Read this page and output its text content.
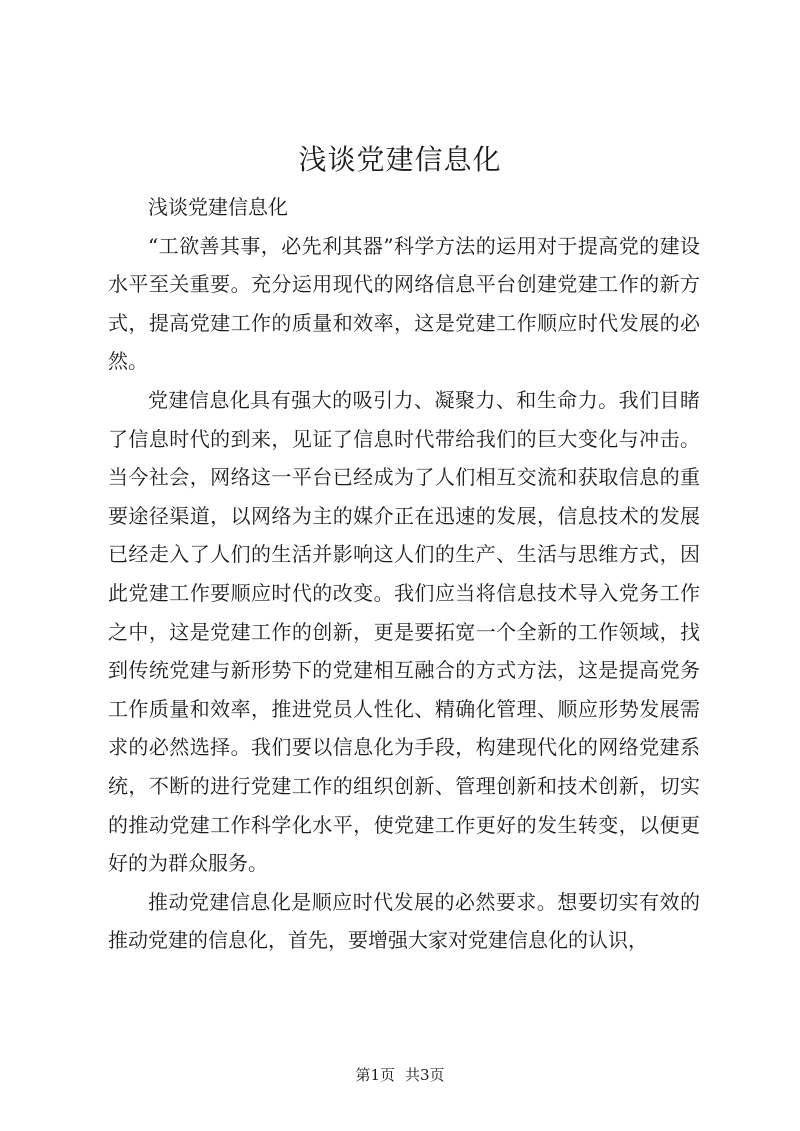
浅谈党建信息化

浅谈党建信息化

“工欲善其事，必先利其器”科学方法的运用对于提高党的建设水平至关重要。充分运用现代的网络信息平台创建党建工作的新方式，提高党建工作的质量和效率，这是党建工作顺应时代发展的必然。

党建信息化具有强大的吸引力、凝聚力、和生命力。我们目睹了信息时代的到来，见证了信息时代带给我们的巨大变化与冲击。当今社会，网络这一平台已经成为了人们相互交流和获取信息的重要途径渠道，以网络为主的媒介正在迅速的发展，信息技术的发展已经走入了人们的生活并影响这人们的生产、生活与思维方式，因此党建工作要顺应时代的改变。我们应当将信息技术导入党务工作之中，这是党建工作的创新，更是要拓宽一个全新的工作领域，找到传统党建与新形势下的党建相互融合的方式方法，这是提高党务工作质量和效率，推进党员人性化、精确化管理、顺应形势发展需求的必然选择。我们要以信息化为手段，构建现代化的网络党建系统，不断的进行党建工作的组织创新、管理创新和技术创新，切实的推动党建工作科学化水平，使党建工作更好的发生转变，以便更好的为群众服务。

推动党建信息化是顺应时代发展的必然要求。想要切实有效的推动党建的信息化，首先，要增强大家对党建信息化的认识，

第1页 共3页
